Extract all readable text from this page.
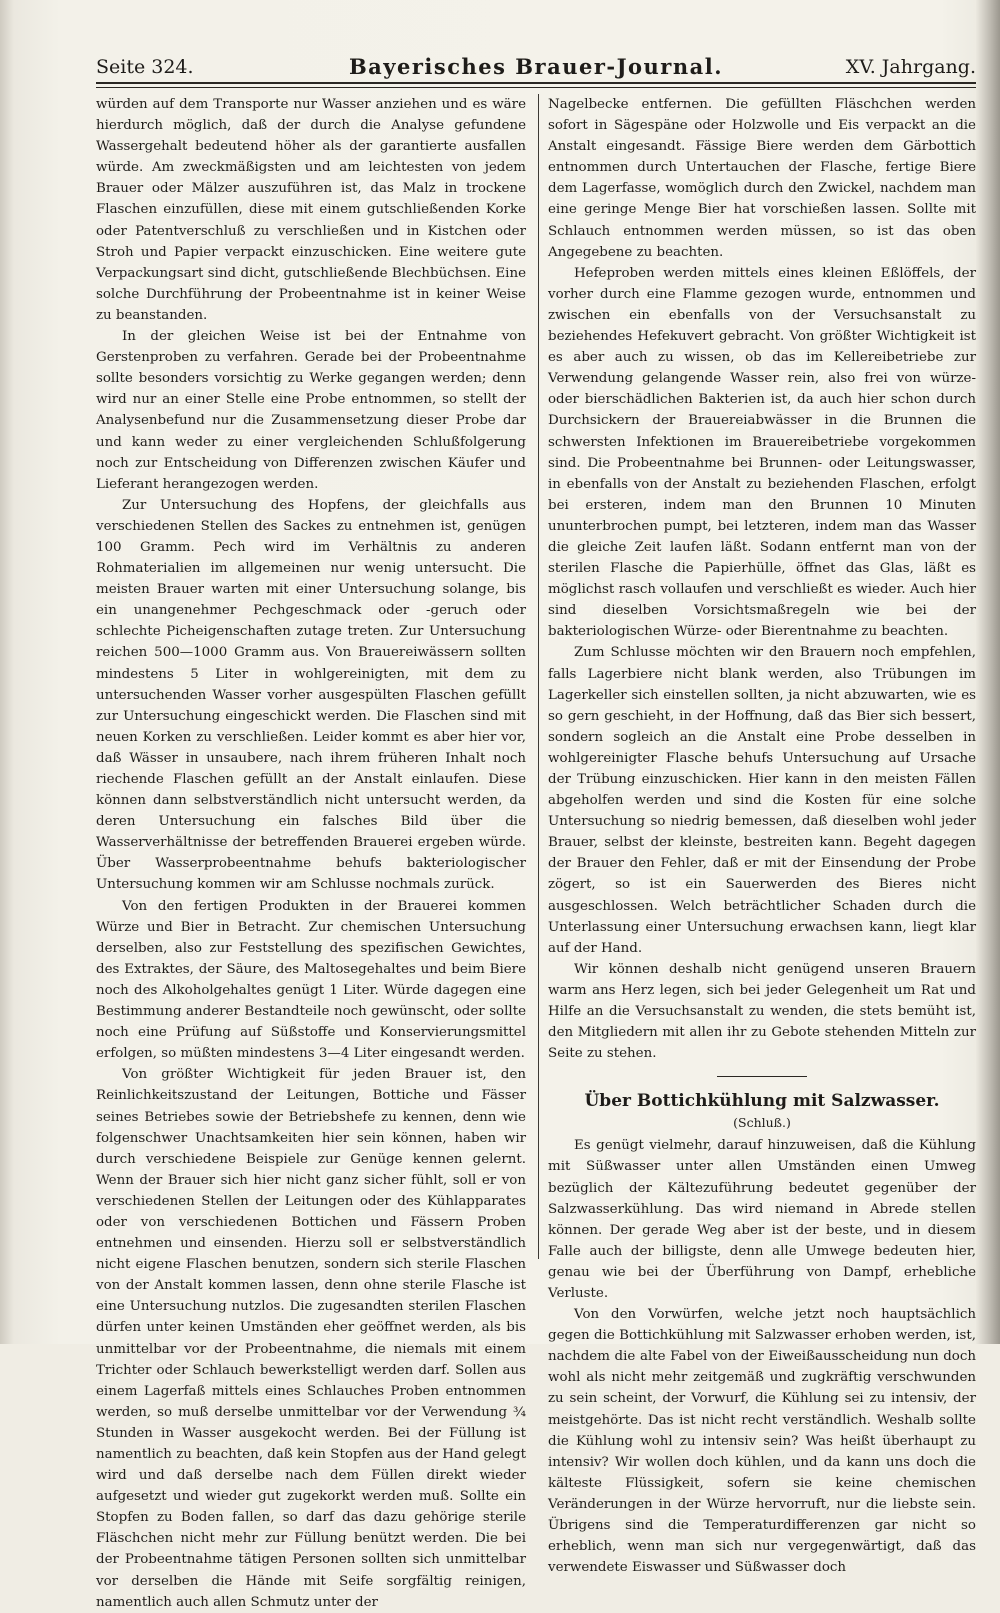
Seite 324.	Bayerisches Brauer-Journal.	XV. Jahrgang.

würden auf dem Transporte nur Wasser anziehen und es wäre hierdurch möglich, daß der durch die Analyse gefundene Wassergehalt bedeutend höher als der garantierte ausfallen würde. Am zweckmäßigsten und am leichtesten von jedem Brauer oder Mälzer auszuführen ist, das Malz in trockene Flaschen einzufüllen, diese mit einem gutschließenden Korke oder Patentverschluß zu verschließen und in Kistchen oder Stroh und Papier verpackt einzuschicken. Eine weitere gute Verpackungsart sind dicht, gutschließende Blechbüchsen. Eine solche Durchführung der Probeentnahme ist in keiner Weise zu beanstanden.

In der gleichen Weise ist bei der Entnahme von Gerstenproben zu verfahren. Gerade bei der Probeentnahme sollte besonders vorsichtig zu Werke gegangen werden; denn wird nur an einer Stelle eine Probe entnommen, so stellt der Analysenbefund nur die Zusammensetzung dieser Probe dar und kann weder zu einer vergleichenden Schlußfolgerung noch zur Entscheidung von Differenzen zwischen Käufer und Lieferant herangezogen werden.

Zur Untersuchung des Hopfens, der gleichfalls aus verschiedenen Stellen des Sackes zu entnehmen ist, genügen 100 Gramm. Pech wird im Verhältnis zu anderen Rohmaterialien im allgemeinen nur wenig untersucht. Die meisten Brauer warten mit einer Untersuchung solange, bis ein unangenehmer Pechgeschmack oder -geruch oder schlechte Picheigenschaften zutage treten. Zur Untersuchung reichen 500—1000 Gramm aus. Von Brauereiwässern sollten mindestens 5 Liter in wohlgereinigten, mit dem zu untersuchenden Wasser vorher ausgespülten Flaschen gefüllt zur Untersuchung eingeschickt werden. Die Flaschen sind mit neuen Korken zu verschließen. Leider kommt es aber hier vor, daß Wässer in unsaubere, nach ihrem früheren Inhalt noch riechende Flaschen gefüllt an der Anstalt einlaufen. Diese können dann selbstverständlich nicht untersucht werden, da deren Untersuchung ein falsches Bild über die Wasserverhältnisse der betreffenden Brauerei ergeben würde. Über Wasserprobeentnahme behufs bakteriologischer Untersuchung kommen wir am Schlusse nochmals zurück.

Von den fertigen Produkten in der Brauerei kommen Würze und Bier in Betracht. Zur chemischen Untersuchung derselben, also zur Feststellung des spezifischen Gewichtes, des Extraktes, der Säure, des Maltosegehaltes und beim Biere noch des Alkoholgehaltes genügt 1 Liter. Würde dagegen eine Bestimmung anderer Bestandteile noch gewünscht, oder sollte noch eine Prüfung auf Süßstoffe und Konservierungsmittel erfolgen, so müßten mindestens 3—4 Liter eingesandt werden.

Von größter Wichtigkeit für jeden Brauer ist, den Reinlichkeitszustand der Leitungen, Bottiche und Fässer seines Betriebes sowie der Betriebshefe zu kennen, denn wie folgenschwer Unachtsamkeiten hier sein können, haben wir durch verschiedene Beispiele zur Genüge kennen gelernt. Wenn der Brauer sich hier nicht ganz sicher fühlt, soll er von verschiedenen Stellen der Leitungen oder des Kühlapparates oder von verschiedenen Bottichen und Fässern Proben entnehmen und einsenden. Hierzu soll er selbstverständlich nicht eigene Flaschen benutzen, sondern sich sterile Flaschen von der Anstalt kommen lassen, denn ohne sterile Flasche ist eine Untersuchung nutzlos. Die zugesandten sterilen Flaschen dürfen unter keinen Umständen eher geöffnet werden, als bis unmittelbar vor der Probeentnahme, die niemals mit einem Trichter oder Schlauch bewerkstelligt werden darf. Sollen aus einem Lagerfaß mittels eines Schlauches Proben entnommen werden, so muß derselbe unmittelbar vor der Verwendung ¾ Stunden in Wasser ausgekocht werden. Bei der Füllung ist namentlich zu beachten, daß kein Stopfen aus der Hand gelegt wird und daß derselbe nach dem Füllen direkt wieder aufgesetzt und wieder gut zugekorkt werden muß. Sollte ein Stopfen zu Boden fallen, so darf das dazu gehörige sterile Fläschchen nicht mehr zur Füllung benützt werden. Die bei der Probeentnahme tätigen Personen sollten sich unmittelbar vor derselben die Hände mit Seife sorgfältig reinigen, namentlich auch allen Schmutz unter der

Nagelbecke entfernen. Die gefüllten Fläschchen werden sofort in Sägespäne oder Holzwolle und Eis verpackt an die Anstalt eingesandt. Fässige Biere werden dem Gärbottich entnommen durch Untertauchen der Flasche, fertige Biere dem Lagerfasse, womöglich durch den Zwickel, nachdem man eine geringe Menge Bier hat vorschießen lassen. Sollte mit Schlauch entnommen werden müssen, so ist das oben Angegebene zu beachten.

Hefeproben werden mittels eines kleinen Eßlöffels, der vorher durch eine Flamme gezogen wurde, entnommen und zwischen ein ebenfalls von der Versuchsanstalt zu beziehendes Hefekuvert gebracht. Von größter Wichtigkeit ist es aber auch zu wissen, ob das im Kellereibetriebe zur Verwendung gelangende Wasser rein, also frei von würze- oder bierschädlichen Bakterien ist, da auch hier schon durch Durchsickern der Brauereiabwässer in die Brunnen die schwersten Infektionen im Brauereibetriebe vorgekommen sind. Die Probeentnahme bei Brunnen- oder Leitungswasser, in ebenfalls von der Anstalt zu beziehenden Flaschen, erfolgt bei ersteren, indem man den Brunnen 10 Minuten ununterbrochen pumpt, bei letzteren, indem man das Wasser die gleiche Zeit laufen läßt. Sodann entfernt man von der sterilen Flasche die Papierhülle, öffnet das Glas, läßt es möglichst rasch vollaufen und verschließt es wieder. Auch hier sind dieselben Vorsichtsmaßregeln wie bei der bakteriologischen Würze- oder Bierentnahme zu beachten.

Zum Schlusse möchten wir den Brauern noch empfehlen, falls Lagerbiere nicht blank werden, also Trübungen im Lagerkeller sich einstellen sollten, ja nicht abzuwarten, wie es so gern geschieht, in der Hoffnung, daß das Bier sich bessert, sondern sogleich an die Anstalt eine Probe desselben in wohlgereinigter Flasche behufs Untersuchung auf Ursache der Trübung einzuschicken. Hier kann in den meisten Fällen abgeholfen werden und sind die Kosten für eine solche Untersuchung so niedrig bemessen, daß dieselben wohl jeder Brauer, selbst der kleinste, bestreiten kann. Begeht dagegen der Brauer den Fehler, daß er mit der Einsendung der Probe zögert, so ist ein Sauerwerden des Bieres nicht ausgeschlossen. Welch beträchtlicher Schaden durch die Unterlassung einer Untersuchung erwachsen kann, liegt klar auf der Hand.

Wir können deshalb nicht genügend unseren Brauern warm ans Herz legen, sich bei jeder Gelegenheit um Rat und Hilfe an die Versuchsanstalt zu wenden, die stets bemüht ist, den Mitgliedern mit allen ihr zu Gebote stehenden Mitteln zur Seite zu stehen.

Über Bottichkühlung mit Salzwasser.
(Schluß.)

Es genügt vielmehr, darauf hinzuweisen, daß die Kühlung mit Süßwasser unter allen Umständen einen Umweg bezüglich der Kältezuführung bedeutet gegenüber der Salzwasserkühlung. Das wird niemand in Abrede stellen können. Der gerade Weg aber ist der beste, und in diesem Falle auch der billigste, denn alle Umwege bedeuten hier, genau wie bei der Überführung von Dampf, erhebliche Verluste.

Von den Vorwürfen, welche jetzt noch hauptsächlich gegen die Bottichkühlung mit Salzwasser erhoben werden, ist, nachdem die alte Fabel von der Eiweißausscheidung nun doch wohl als nicht mehr zeitgemäß und zugkräftig verschwunden zu sein scheint, der Vorwurf, die Kühlung sei zu intensiv, der meistgehörte. Das ist nicht recht verständlich. Weshalb sollte die Kühlung wohl zu intensiv sein? Was heißt überhaupt zu intensiv? Wir wollen doch kühlen, und da kann uns doch die kälteste Flüssigkeit, sofern sie keine chemischen Veränderungen in der Würze hervorruft, nur die liebste sein. Übrigens sind die Temperaturdifferenzen gar nicht so erheblich, wenn man sich nur vergegenwärtigt, daß das verwendete Eiswasser und Süßwasser doch
